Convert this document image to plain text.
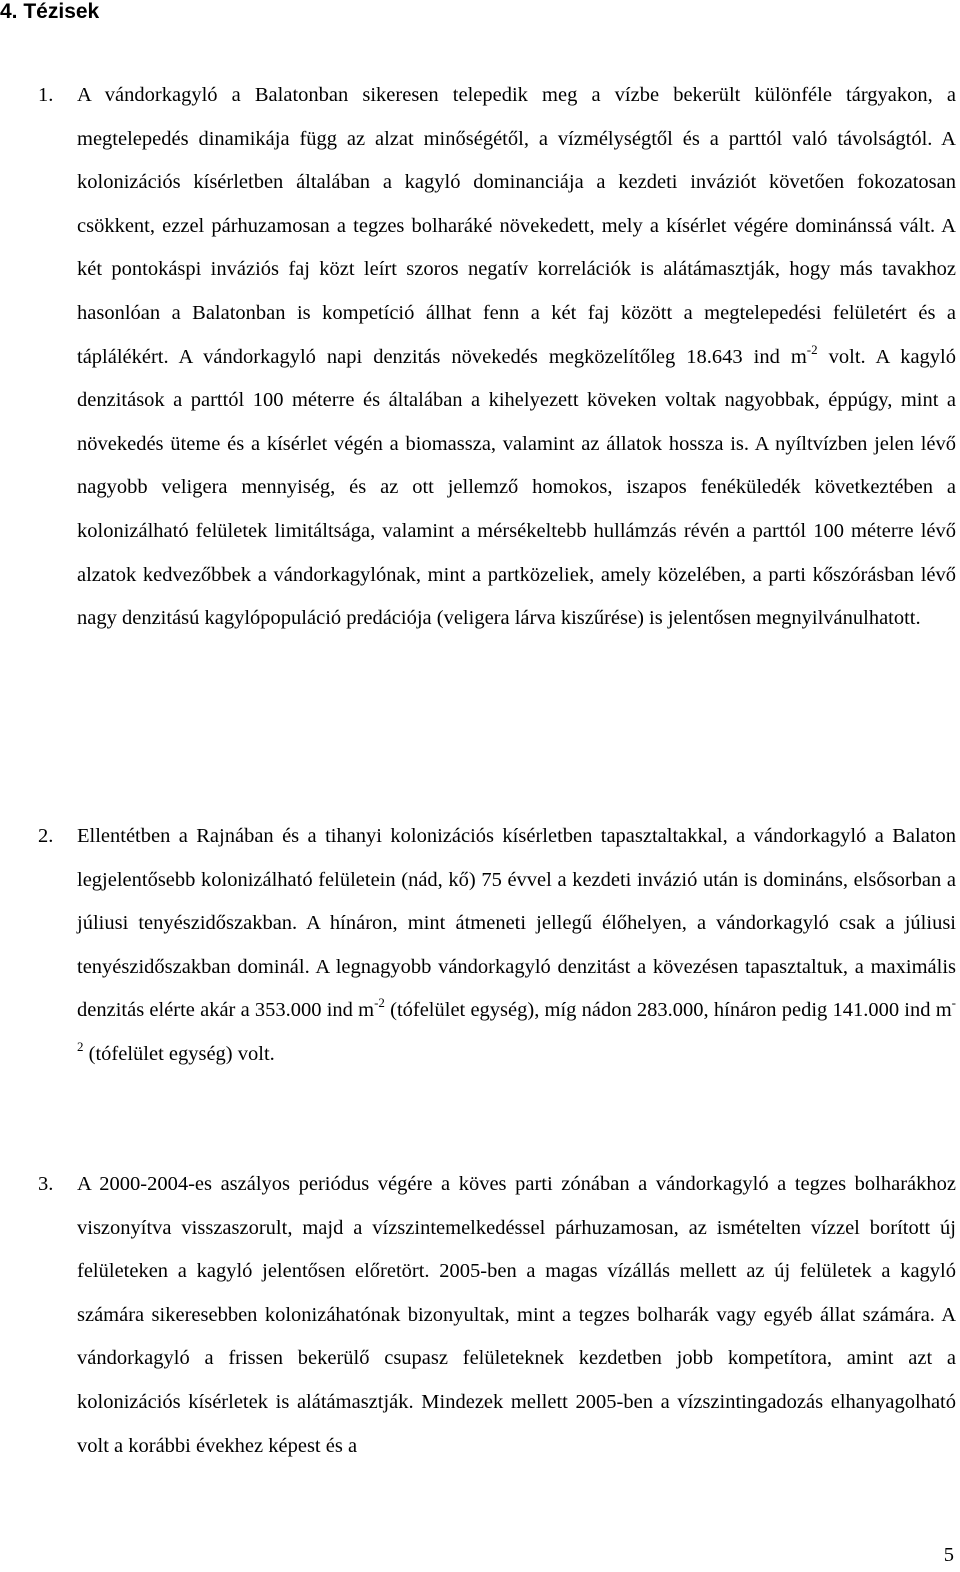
4. Tézisek
1. A vándorkagyló a Balatonban sikeresen telepedik meg a vízbe bekerült különféle tárgyakon, a megtelepedés dinamikája függ az alzat minőségétől, a vízmélységtől és a parttól való távolságtól. A kolonizációs kísérletben általában a kagyló dominanciája a kezdeti inváziót követően fokozatosan csökkent, ezzel párhuzamosan a tegzes bolharáké növekedett, mely a kísérlet végére dominánssá vált. A két pontokáspi inváziós faj közt leírt szoros negatív korrelációk is alátámasztják, hogy más tavakhoz hasonlóan a Balatonban is kompetíció állhat fenn a két faj között a megtelepedési felületért és a táplálékért. A vándorkagyló napi denzitás növekedés megközelítőleg 18.643 ind $m^{-2}$ volt. A kagyló denzitások a parttól 100 méterre és általában a kihelyezett köveken voltak nagyobbak, éppúgy, mint a növekedés üteme és a kísérlet végén a biomassza, valamint az állatok hossza is. A nyíltvízben jelen lévő nagyobb veligera mennyiség, és az ott jellemző homokos, iszapos fenéküledék következtében a kolonizálható felületek limitáltsága, valamint a mérsékeltebb hullámzás révén a parttól 100 méterre lévő alzatok kedvezőbbek a vándorkagylónak, mint a partközeliek, amely közelében, a parti kőszórásban lévő nagy denzitású kagylópopuláció predációja (veligera lárva kiszűrése) is jelentősen megnyilvánulhatott.
2. Ellentétben a Rajnában és a tihanyi kolonizációs kísérletben tapasztaltakkal, a vándorkagyló a Balaton legjelentősebb kolonizálható felületein (nád, kő) 75 évvel a kezdeti invázió után is domináns, elsősorban a júliusi tenyészidőszakban. A hínáron, mint átmeneti jellegű élőhelyen, a vándorkagyló csak a júliusi tenyészidőszakban dominál. A legnagyobb vándorkagyló denzitást a kövezésen tapasztaltuk, a maximális denzitás elérte akár a 353.000 ind $m^{-2}$ (tófelület egység), míg nádon 283.000, hínáron pedig 141.000 ind $m^{-2}$ (tófelület egység) volt.
3. A 2000-2004-es aszályos periódus végére a köves parti zónában a vándorkagyló a tegzes bolharákhoz viszonyítva visszaszorult, majd a vízszintemelkedéssel párhuzamosan, az ismételten vízzel borított új felületeken a kagyló jelentősen előretört. 2005-ben a magas vízállás mellett az új felületek a kagyló számára sikeresebben kolonizáhatónak bizonyultak, mint a tegzes bolharák vagy egyéb állat számára. A vándorkagyló a frissen bekerülő csupasz felületeknek kezdetben jobb kompetítora, amint azt a kolonizációs kísérletek is alátámasztják. Mindezek mellett 2005-ben a vízszintingadozás elhanyagolható volt a korábbi évekhez képest és a
5
